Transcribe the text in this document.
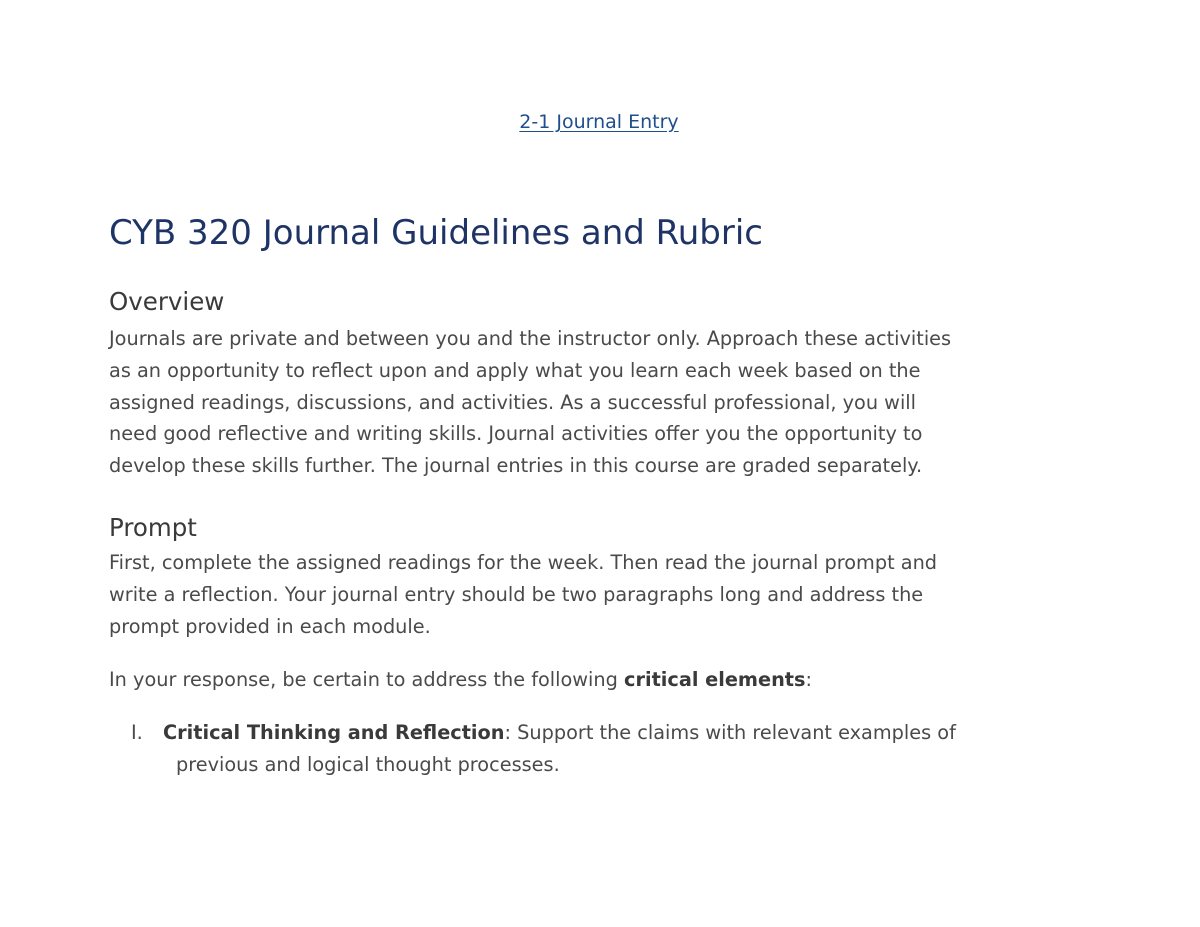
2-1 Journal Entry
CYB 320 Journal Guidelines and Rubric
Overview

Journals are private and between you and the instructor only. Approach these activities
as an opportunity to reflect upon and apply what you learn each week based on the
assigned readings, discussions, and activities. As a successful professional, you will
need good reflective and writing skills. Journal activities offer you the opportunity to
develop these skills further. The journal entries in this course are graded separately.

Prompt

First, complete the assigned readings for the week. Then read the journal prompt and
write a reflection. Your journal entry should be two paragraphs long and address the
prompt provided in each module.

In your response, be certain to address the following critical elements:

I. Critical Thinking and Reflection: Support the claims with relevant examples of
previous and logical thought processes.
